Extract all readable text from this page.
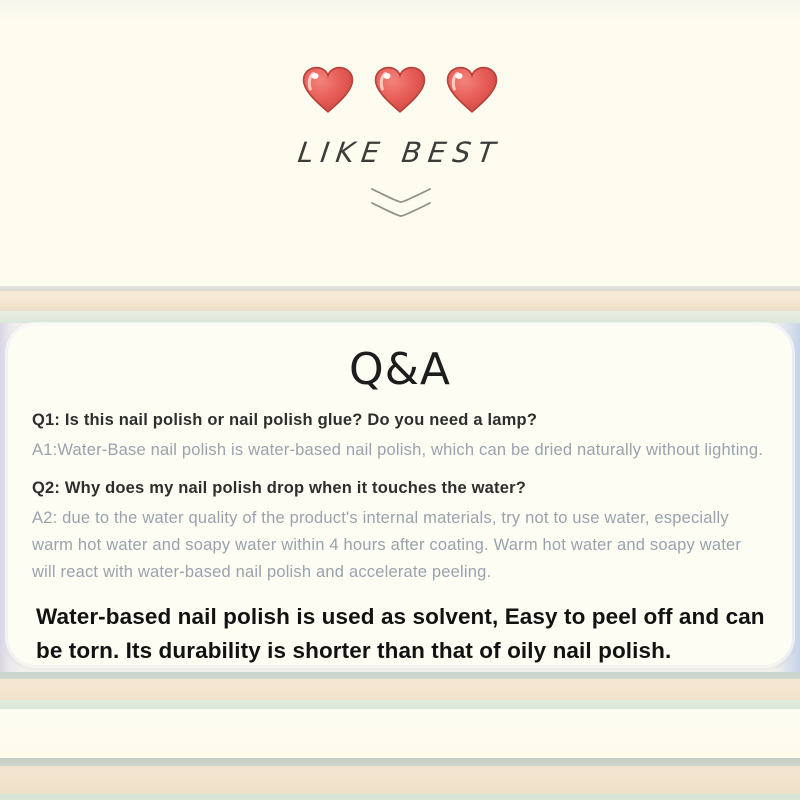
LIKE BEST
Q&A

Q1: Is this nail polish or nail polish glue? Do you need a lamp?

A1:Water-Base nail polish is water-based nail polish, which can be dried naturally without lighting.

Q2: Why does my nail polish drop when it touches the water?

A2: due to the water quality of the product's internal materials, try not to use water, especially warm hot water and soapy water within 4 hours after coating. Warm hot water and soapy water will react with water-based nail polish and accelerate peeling.

Water-based nail polish is used as solvent, Easy to peel off and can be torn. Its durability is shorter than that of oily nail polish.
